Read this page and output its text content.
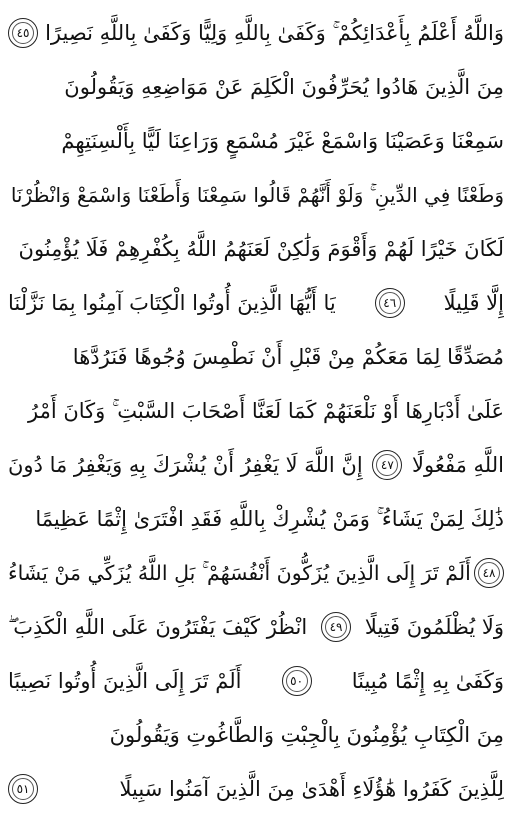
وَاللَّهُ أَعْلَمُ بِأَعْدَائِكُمْ ۚ وَكَفَىٰ بِاللَّهِ وَلِيًّا وَكَفَىٰ بِاللَّهِ نَصِيرًا
٤٥
مِنَ الَّذِينَ هَادُوا يُحَرِّفُونَ الْكَلِمَ عَنْ مَوَاضِعِهِ وَيَقُولُونَ
سَمِعْنَا وَعَصَيْنَا وَاسْمَعْ غَيْرَ مُسْمَعٍ وَرَاعِنَا لَيًّا بِأَلْسِنَتِهِمْ
وَطَعْنًا فِي الدِّينِ ۚ وَلَوْ أَنَّهُمْ قَالُوا سَمِعْنَا وَأَطَعْنَا وَاسْمَعْ وَانْظُرْنَا
لَكَانَ خَيْرًا لَهُمْ وَأَقْوَمَ وَلَٰكِنْ لَعَنَهُمُ اللَّهُ بِكُفْرِهِمْ فَلَا يُؤْمِنُونَ
إِلَّا قَلِيلًا
٤٦
يَا أَيُّهَا الَّذِينَ أُوتُوا الْكِتَابَ آمِنُوا بِمَا نَزَّلْنَا
مُصَدِّقًا لِمَا مَعَكُمْ مِنْ قَبْلِ أَنْ نَطْمِسَ وُجُوهًا فَنَرُدَّهَا
عَلَىٰ أَدْبَارِهَا أَوْ نَلْعَنَهُمْ كَمَا لَعَنَّا أَصْحَابَ السَّبْتِ ۚ وَكَانَ أَمْرُ
اللَّهِ مَفْعُولًا
٤٧
إِنَّ اللَّهَ لَا يَغْفِرُ أَنْ يُشْرَكَ بِهِ وَيَغْفِرُ مَا دُونَ
ذَٰلِكَ لِمَنْ يَشَاءُ ۚ وَمَنْ يُشْرِكْ بِاللَّهِ فَقَدِ افْتَرَىٰ إِثْمًا عَظِيمًا
٤٨
أَلَمْ تَرَ إِلَى الَّذِينَ يُزَكُّونَ أَنْفُسَهُمْ ۚ بَلِ اللَّهُ يُزَكِّي مَنْ يَشَاءُ
وَلَا يُظْلَمُونَ فَتِيلًا
٤٩
انْظُرْ كَيْفَ يَفْتَرُونَ عَلَى اللَّهِ الْكَذِبَ ۖ
وَكَفَىٰ بِهِ إِثْمًا مُبِينًا
٥٠
أَلَمْ تَرَ إِلَى الَّذِينَ أُوتُوا نَصِيبًا
مِنَ الْكِتَابِ يُؤْمِنُونَ بِالْجِبْتِ وَالطَّاغُوتِ وَيَقُولُونَ
لِلَّذِينَ كَفَرُوا هَٰؤُلَاءِ أَهْدَىٰ مِنَ الَّذِينَ آمَنُوا سَبِيلًا
٥١
